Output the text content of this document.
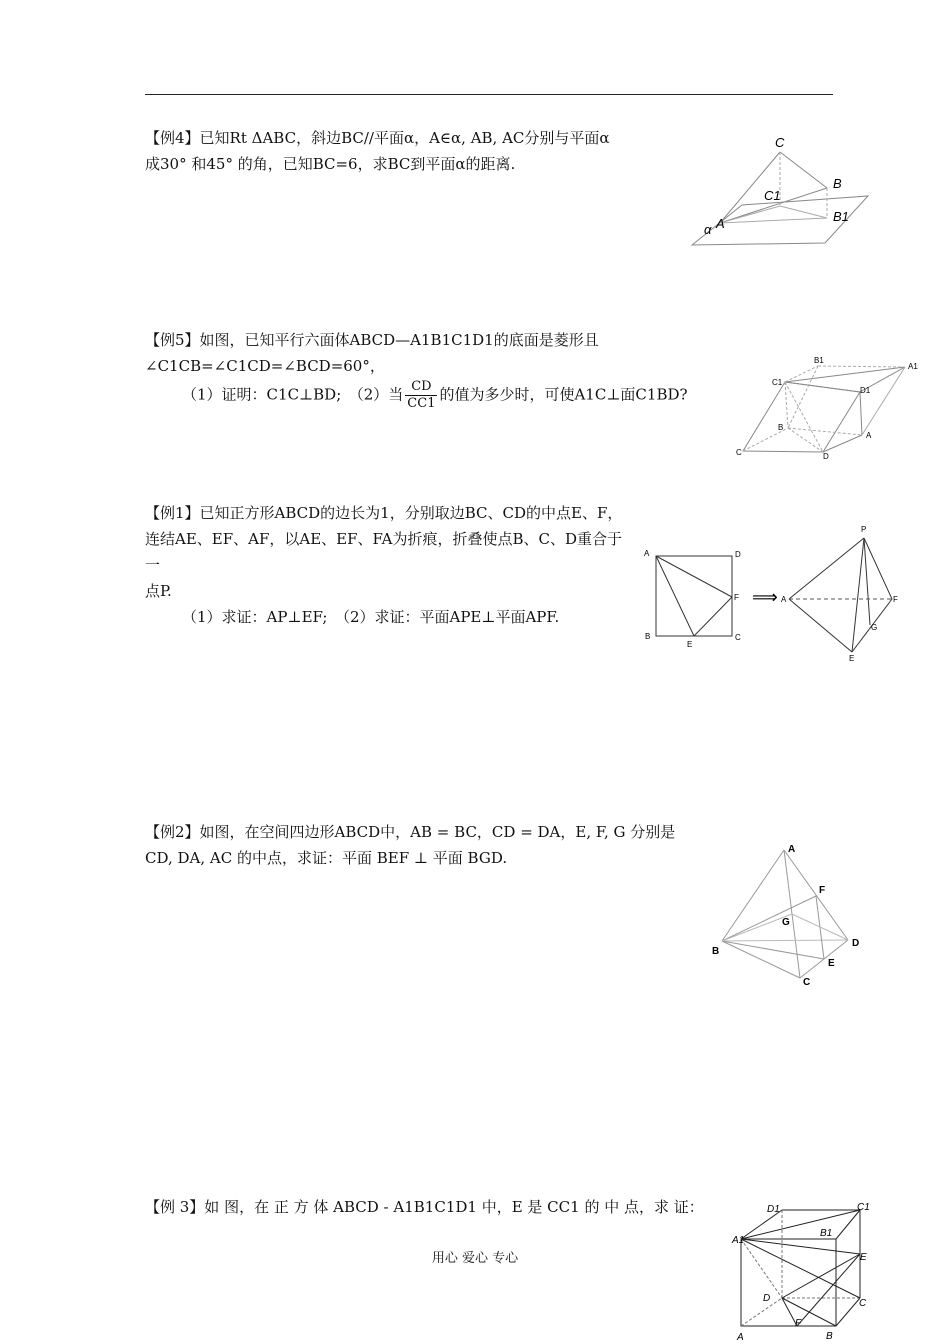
【例4】已知Rt ΔABC，斜边BC//平面α，A∈α, AB, AC分别与平面α

成30° 和45° 的角，已知BC=6，求BC到平面α的距离.

C
B
C1
B1
A
α

【例5】如图，已知平行六面体ABCD—A1B1C1D1的底面是菱形且∠C1CB=∠C1CD=∠BCD=60°，

（1）证明：C1C⊥BD;　（2）当 $\frac{CD}{CC1}$ 的值为多少时，可使A1C⊥面C1BD?

B1
A1
C1
D1
B
A
C	D

【例1】已知正方形ABCD的边长为1，分别取边BC、CD的中点E、F，

连结AE、EF、AF，以AE、EF、FA为折痕，折叠使点B、C、D重合于一

点P.

（1）求证：AP⊥EF;　（2）求证：平面APE⊥平面APF.

A	D
F
B
E
C
⟹
P
A	F
G
E

【例2】如图，在空间四边形ABCD中，AB = BC，CD = DA，E, F, G 分别是

CD, DA, AC 的中点，求证：平面 BEF ⊥ 平面 BGD.	A
F
G
D
B
E
C

【例 3】如 图，在 正 方 体 ABCD - A1B1C1D1 中，E 是 CC1 的 中 点，求 证：	D1	C1
A1
B1
E
D	C
A
F
B
用心 爱心 专心
